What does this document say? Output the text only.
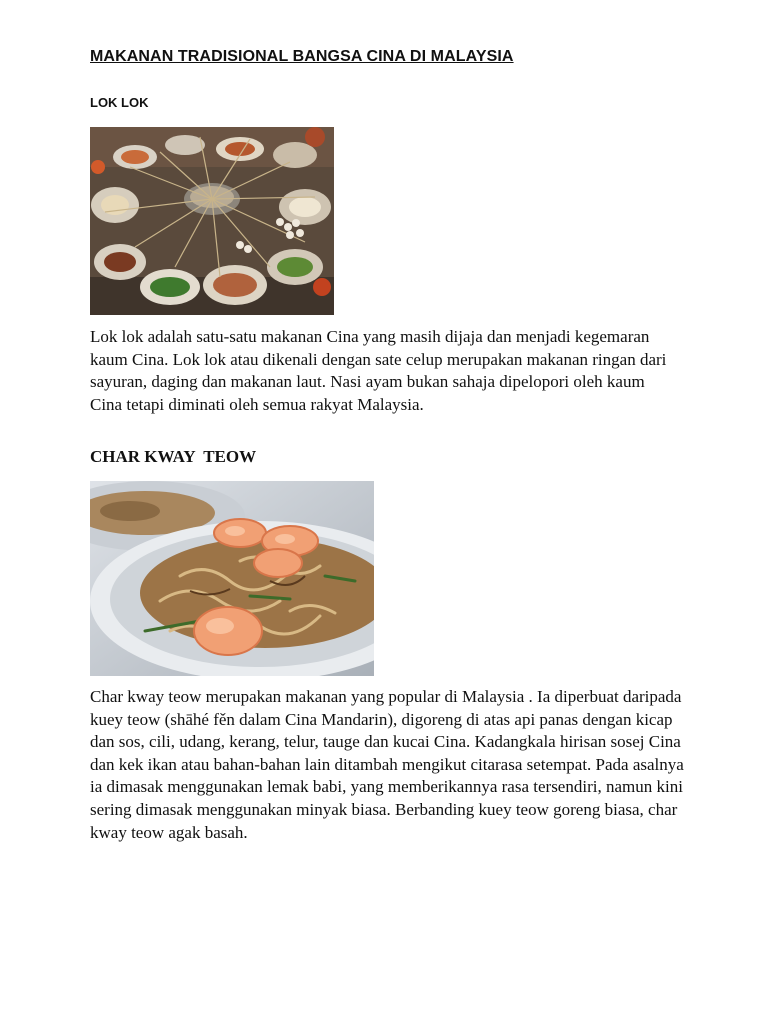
MAKANAN TRADISIONAL BANGSA CINA DI MALAYSIA
LOK LOK

Lok lok adalah satu-satu makanan Cina yang masih dijaja dan menjadi kegemaran kaum Cina. Lok lok atau dikenali dengan sate celup merupakan makanan ringan dari sayuran, daging dan makanan laut. Nasi ayam bukan sahaja dipelopori oleh kaum Cina tetapi diminati oleh semua rakyat Malaysia.

CHAR KWAY  TEOW

Char kway teow merupakan makanan yang popular di Malaysia . Ia diperbuat daripada kuey teow (shāhé fěn dalam Cina Mandarin), digoreng di atas api panas dengan kicap dan sos, cili, udang, kerang, telur, tauge dan kucai Cina. Kadangkala hirisan sosej Cina dan kek ikan atau bahan-bahan lain ditambah mengikut citarasa setempat. Pada asalnya ia dimasak menggunakan lemak babi, yang memberikannya rasa tersendiri, namun kini sering dimasak menggunakan minyak biasa. Berbanding kuey teow goreng biasa, char kway teow agak basah.
